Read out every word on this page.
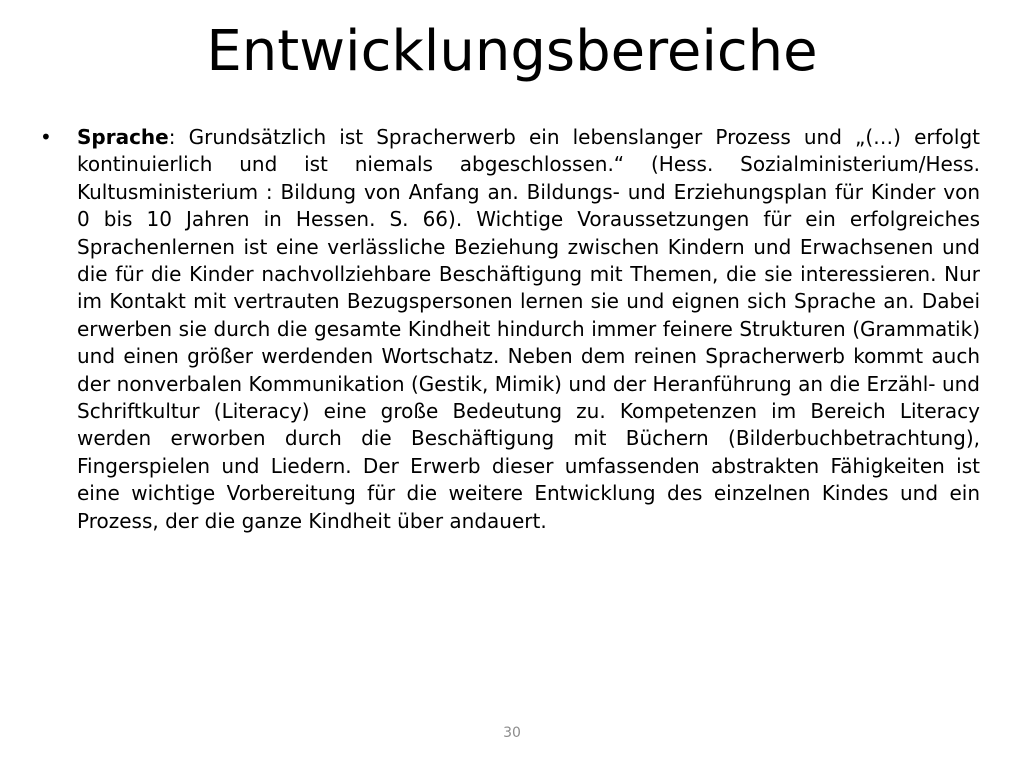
Entwicklungsbereiche
•	Sprache: Grundsätzlich ist Spracherwerb ein lebenslanger Prozess und „(…) erfolgt kontinuierlich und ist niemals abgeschlossen.“ (Hess. Sozialministerium/Hess. Kultusministerium : Bildung von Anfang an. Bildungs- und Erziehungsplan für Kinder von 0 bis 10 Jahren in Hessen. S. 66). Wichtige Voraussetzungen für ein erfolgreiches Sprachenlernen ist eine verlässliche Beziehung zwischen Kindern und Erwachsenen und die für die Kinder nachvollziehbare Beschäftigung mit Themen, die sie interessieren. Nur im Kontakt mit vertrauten Bezugspersonen lernen sie und eignen sich Sprache an. Dabei erwerben sie durch die gesamte Kindheit hindurch immer feinere Strukturen (Grammatik) und einen größer werdenden Wortschatz. Neben dem reinen Spracherwerb kommt auch der nonverbalen Kommunikation (Gestik, Mimik) und der Heranführung an die Erzähl- und Schriftkultur (Literacy) eine große Bedeutung zu. Kompetenzen im Bereich Literacy werden erworben durch die Beschäftigung mit Büchern (Bilderbuchbetrachtung), Fingerspielen und Liedern. Der Erwerb dieser umfassenden abstrakten Fähigkeiten ist eine wichtige Vorbereitung für die weitere Entwicklung des einzelnen Kindes und ein Prozess, der die ganze Kindheit über andauert.

30
